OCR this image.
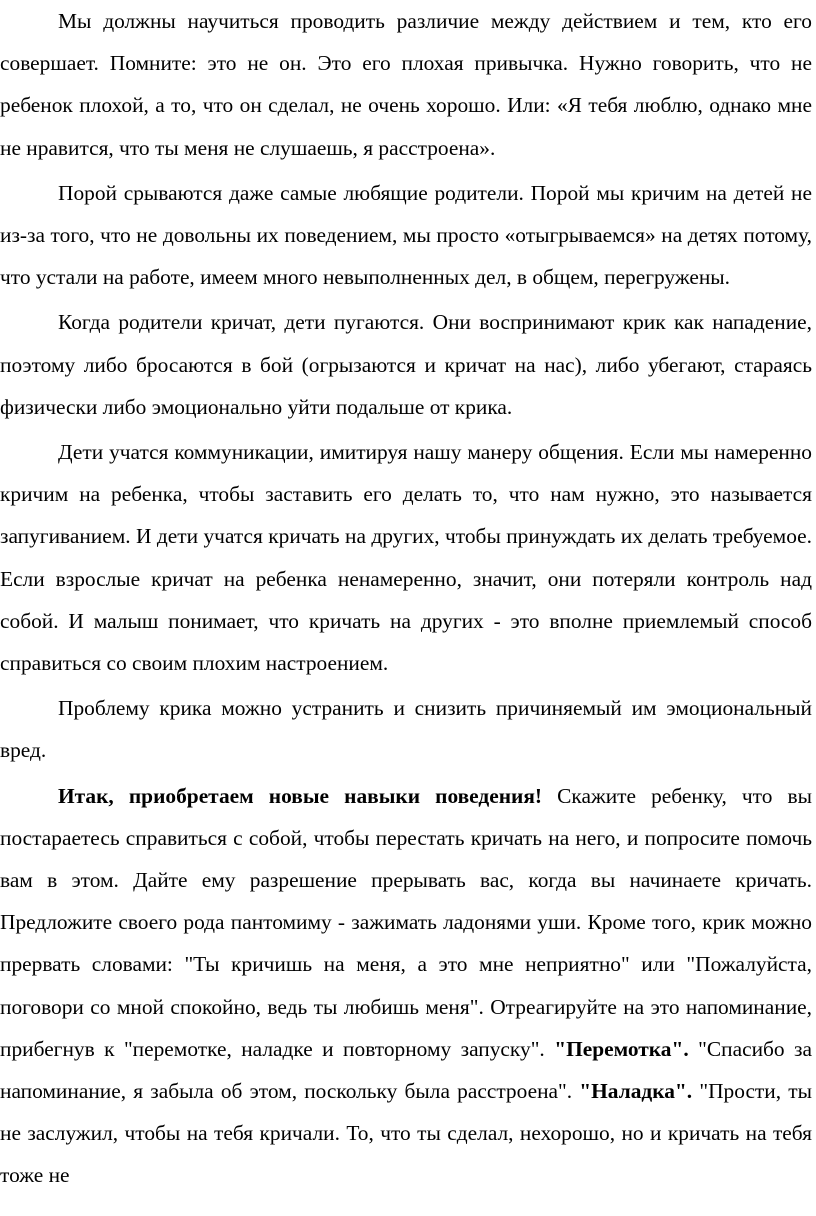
Мы должны научиться проводить различие между действием и тем, кто его совершает. Помните: это не он. Это его плохая привычка. Нужно говорить, что не ребенок плохой, а то, что он сделал, не очень хорошо. Или: «Я тебя люблю, однако мне не нравится, что ты меня не слушаешь, я расстроена».

Порой срываются даже самые любящие родители. Порой мы кричим на детей не из-за того, что не довольны их поведением, мы просто «отыгрываемся» на детях потому, что устали на работе, имеем много невыполненных дел, в общем, перегружены.

Когда родители кричат, дети пугаются. Они воспринимают крик как нападение, поэтому либо бросаются в бой (огрызаются и кричат на нас), либо убегают, стараясь физически либо эмоционально уйти подальше от крика.

Дети учатся коммуникации, имитируя нашу манеру общения. Если мы намеренно кричим на ребенка, чтобы заставить его делать то, что нам нужно, это называется запугиванием. И дети учатся кричать на других, чтобы принуждать их делать требуемое. Если взрослые кричат на ребенка ненамеренно, значит, они потеряли контроль над собой. И малыш понимает, что кричать на других - это вполне приемлемый способ справиться со своим плохим настроением.

Проблему крика можно устранить и снизить причиняемый им эмоциональный вред.

Итак, приобретаем новые навыки поведения! Скажите ребенку, что вы постараетесь справиться с собой, чтобы перестать кричать на него, и попросите помочь вам в этом. Дайте ему разрешение прерывать вас, когда вы начинаете кричать. Предложите своего рода пантомиму - зажимать ладонями уши. Кроме того, крик можно прервать словами: "Ты кричишь на меня, а это мне неприятно" или "Пожалуйста, поговори со мной спокойно, ведь ты любишь меня". Отреагируйте на это напоминание, прибегнув к "перемотке, наладке и повторному запуску". "Перемотка". "Спасибо за напоминание, я забыла об этом, поскольку была расстроена". "Наладка". "Прости, ты не заслужил, чтобы на тебя кричали. То, что ты сделал, нехорошо, но и кричать на тебя тоже не
